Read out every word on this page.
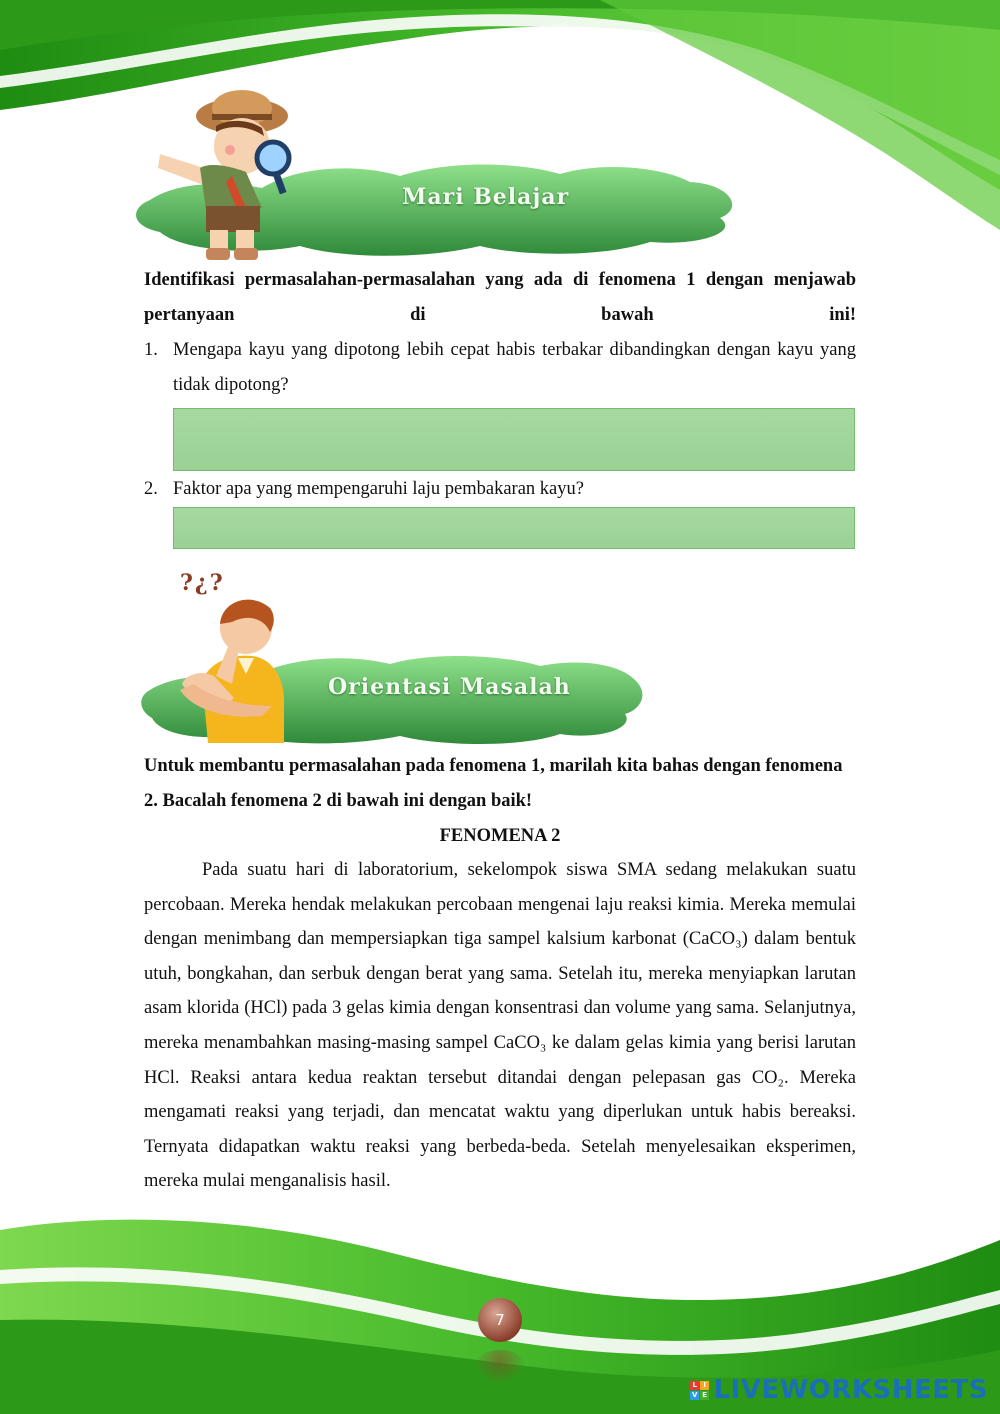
Mari Belajar
Identifikasi permasalahan-permasalahan yang ada di fenomena 1 dengan menjawab pertanyaan di bawah ini!
1. Mengapa kayu yang dipotong lebih cepat habis terbakar dibandingkan dengan kayu yang tidak dipotong?
2. Faktor apa yang mempengaruhi laju pembakaran kayu?
Orientasi Masalah
?¿?
Untuk membantu permasalahan pada fenomena 1, marilah kita bahas dengan fenomena 2. Bacalah fenomena 2 di bawah ini dengan baik!
FENOMENA 2
Pada suatu hari di laboratorium, sekelompok siswa SMA sedang melakukan suatu percobaan. Mereka hendak melakukan percobaan mengenai laju reaksi kimia. Mereka memulai dengan menimbang dan mempersiapkan tiga sampel kalsium karbonat (CaCO₃) dalam bentuk utuh, bongkahan, dan serbuk dengan berat yang sama. Setelah itu, mereka menyiapkan larutan asam klorida (HCl) pada 3 gelas kimia dengan konsentrasi dan volume yang sama. Selanjutnya, mereka menambahkan masing-masing sampel CaCO₃ ke dalam gelas kimia yang berisi larutan HCl. Reaksi antara kedua reaktan tersebut ditandai dengan pelepasan gas CO₂. Mereka mengamati reaksi yang terjadi, dan mencatat waktu yang diperlukan untuk habis bereaksi. Ternyata didapatkan waktu reaksi yang berbeda-beda. Setelah menyelesaikan eksperimen, mereka mulai menganalisis hasil.
7
L I
V E LIVEWORKSHEETS
